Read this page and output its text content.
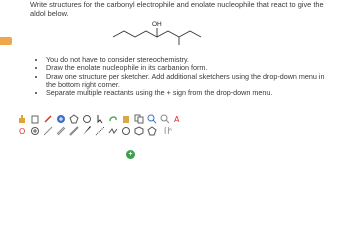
Write structures for the carbonyl electrophile and enolate nucleophile that react to give the aldol below.
OH
• You do not have to consider stereochemistry.
• Draw the enolate nucleophile in its carbanion form.
• Draw one structure per sketcher. Add additional sketchers using the drop-down menu in the bottom right corner.
• Separate multiple reactants using the + sign from the drop-down menu.
A
O	[ ]ⁿ
+
